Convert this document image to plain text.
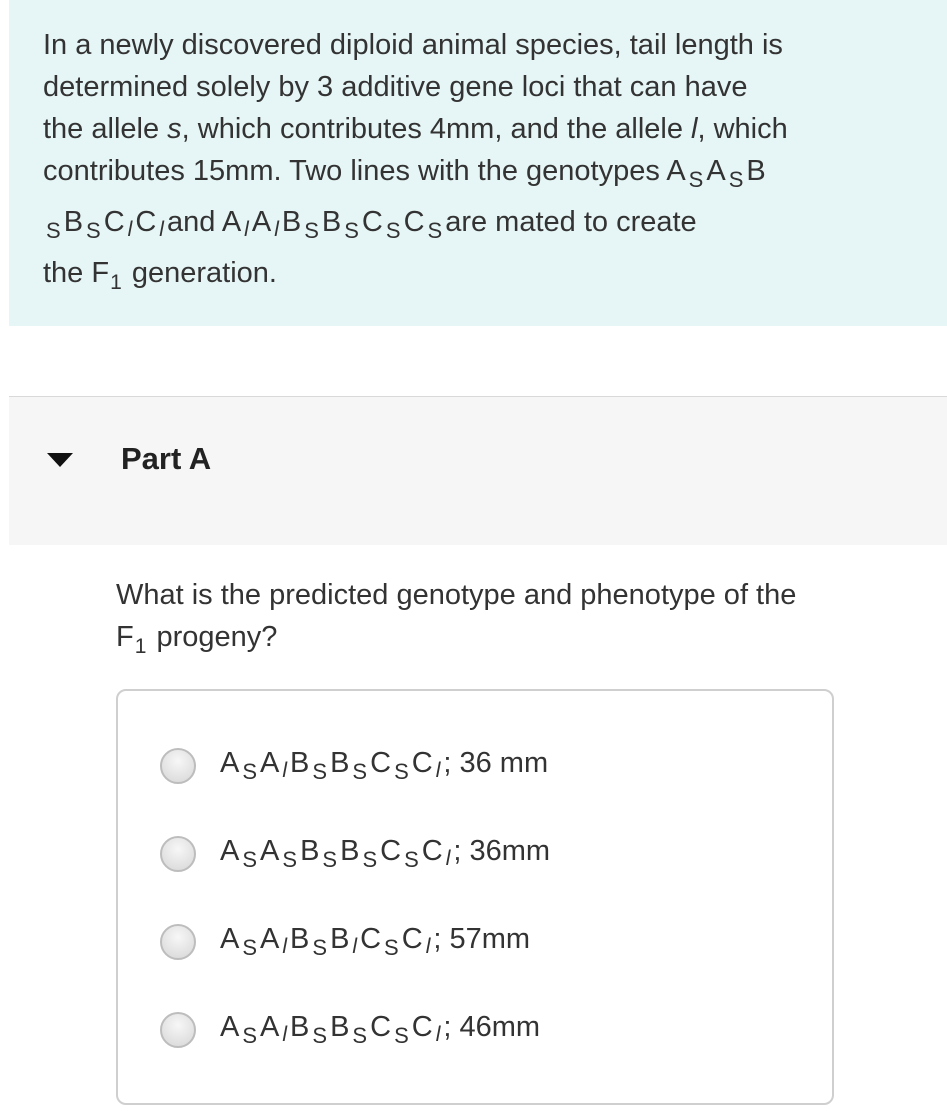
In a newly discovered diploid animal species, tail length is
determined solely by 3 additive gene loci that can have
the allele s, which contributes 4mm, and the allele l, which
contributes 15mm. Two lines with the genotypes A $_S$ A $_S$ B
$_S$ B $_S$ C l C l and A l A l B $_S$ B $_S$ C $_S$ C $_S$ are mated to create
the $F_1$ generation.

Part A

What is the predicted genotype and phenotype of the
$F_1$ progeny?

A $_S$ A l B $_S$ B $_S$ C $_S$ C l ; 36 mm
A $_S$ A $_S$ B $_S$ B $_S$ C $_S$ C l ; 36mm
A $_S$ A l B $_S$ B l C $_S$ C l ; 57mm
A $_S$ A l B $_S$ B $_S$ C $_S$ C l ; 46mm
